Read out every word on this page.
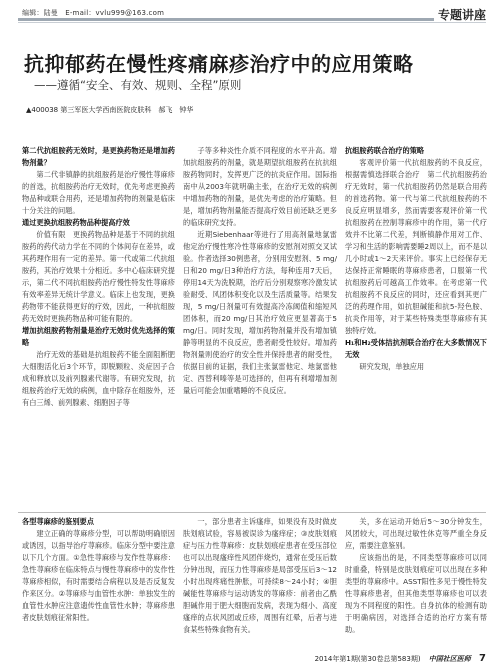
编辑：陆曼　E-mail：vvlu999@163.com	专题讲座
抗抑郁药在慢性疼痛麻疹治疗中的应用策略
——遵循“安全、有效、规则、全程”原则
▲400038 第三军医大学西南医院皮肤科　郝飞　钟华

第二代抗组胺药无效时，是更换药物还是增加药物剂量？

第二代非镇静的抗组胺药是治疗慢性荨麻疹的首选，抗组胺药治疗无效时，优先考虑更换药物品种或联合用药，还是增加药物的剂量是临床十分关注的问题。

通过更换抗组胺药物品种提高疗效

价值有限　更换药物品种是基于不同的抗组胺药的药代动力学在不同的个体间存在差异，或其药理作用有一定的差异。第一代或第二代抗组胺药，其治疗效果十分相近。多中心临床研究提示，第二代不同抗组胺药治疗慢性特发性荨麻疹有效率差异无统计学意义。临床上也发现，更换药物带不能获得更好的疗效，因此，一种抗组胺药无效时更换药物品种可能有限的。

增加抗组胺药物剂量是治疗无效时优先选择的策略

治疗无效的基础是抗组胺药不能全面阻断肥大细胞活化后3个环节，即脱颗粒、炎症因子合成和释放以及前列腺素代谢等。有研究发现，抗组胺药治疗无效的病例，血中除存在组胺外，还有白三烯、前列腺素、细胞因子等

子等多种炎性介质不同程度的水平升高。增加抗组胺药的剂量，就是期望抗组胺药在抗抗组胺药物同时，发挥更广泛的抗炎症作用。国际指南中从2003年就明确主张，在治疗无效的病例中增加药物的剂量，是优先考虑的治疗策略。但是，增加药物剂量能否提高疗效目前还缺乏更多的临床研究支持。

近期Siebenhaar等进行了用高剂量地氯雷他定治疗慢性寒冷性荨麻疹的安慰剂对照交叉试验。作者选择30例患者，分别用安慰剂、5 mg/日和20 mg/日3种治疗方法，每种连用7天后，停用14天为洗脱期，治疗后分别观察寒冷激发试验耐受、风团体积变化以及生活质量等。结果发现，5 mg/日剂量可有效提高冷冻阈值和缩短风团体积，而20 mg/日其治疗效应更显著高于5 mg/日。同时发现，增加药物剂量并没有增加镇静等明显的不良反应，患者耐受性较好。增加药物剂量则使治疗的安全性并保持患者的耐受性，依据目前的证据，我们主张氯雷他定、地氯雷他定、西替利嗪等是可选择的，但再有利增增加剂量后可能会加重嗜睡的不良反应。

抗组胺药联合治疗的策略

客观评价第一代抗组胺药的不良反应，根据需慎选择联合治疗　第二代抗组胺药治疗无效时，第一代抗组胺药仍然是联合用药的首选药物。第一代与第二代抗组胺药的不良反应明显增多，然而需要客观评价第一代抗组胺药在控制荨麻疹中的作用，第一代疗效并不比第二代差，判断镇静作用对工作、学习和生活的影响需要睡2周以上，而不是以几小时或1～2天来评价。事实上已经保存无达保持正常睡眠的荨麻疹患者，口服第一代抗组胺药后可越高工作效率。在考虑第一代抗组胺药不良反应的同时，还应看到其更广泛的药理作用，如抗胆碱能和抗5-羟色胺、抗炎作用等，对于某些特殊类型荨麻疹有其独特疗效。

H₁和H₂受体拮抗剂联合治疗在大多数情况下无效

研究发现，单独应用

各型荨麻疹的鉴别要点

建立正确的荨麻疹分型，可以帮助明确原因或诱因，以指导治疗荨麻疹。临床分型中要注意以下几个方面。①急性荨麻疹与发作性荨麻疹：急性荨麻疹在临床特点与慢性荨麻疹中的发作性荨麻疹相似，有时需要结合病程以及是否反复发作来区分。②荨麻疹与血管性水肿：单独发生的血管性水肿应注意遗传性血管性水肿；荨麻疹患者皮肤划痕征常阳性。

一，部分患者主诉瘙痒，如果没有及时做皮肤划痕试验，容易被误诊为瘙痒症；③皮肤划痕症与压力性荨麻疹：皮肤划痕症患者在受压部位也可以出现瘙痒性风团伴烧灼，通常在受压后数分钟出现，而压力性荨麻疹是局部受压后3～12小时出现疼痛性肿胀，可持续8～24小时；④胆碱能性荨麻疹与运动诱发的荨麻疹：前者由乙酰胆碱作用于肥大细胞而发病，表现为细小、高度瘙痒的点状风团或丘疹，周围有红晕，后者与进食某些特殊食物有关。

关，多在运动开始后5～30分钟发生，风团较大，可出现过敏性休克等严重全身反应，需要注意鉴别。

应该指出的是，不同类型荨麻疹可以同时重叠，特别是皮肤划痕症可以出现在多种类型的荨麻疹中。ASST阳性多见于慢性特发性荨麻疹患者，但其他类型荨麻疹也可以表现为不同程度的阳性。自身抗体的检测有助于明确病因，对选择合适的治疗方案有帮助。

2014年第1期(第30卷总第583期) 中国社区医师 7
